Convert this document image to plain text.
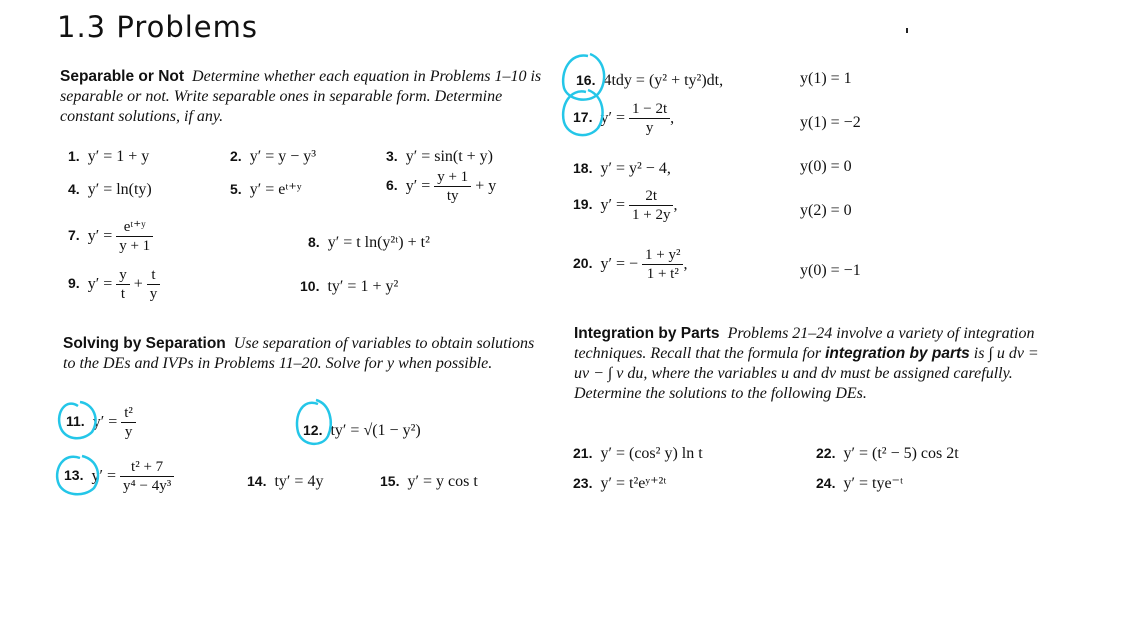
1.3 Problems
Separable or Not Determine whether each equation in Problems 1–10 is separable or not. Write separable ones in separable form. Determine constant solutions, if any.
1. y′ = 1 + y	2. y′ = y − y³	3. y′ = sin(t + y)
4. y′ = ln(ty)	5. y′ = eᵗ⁺ʸ	6. $y' = \frac{y + 1}{ty} + y$
7. $y' = \frac{\text{eᵗ⁺ʸ}}{y + 1}$	8. y′ = t ln(y²ᵗ) + t²
9. $y' = \frac{y}{t} + \frac{t}{y}$	10. ty′ = 1 + y²
Solving by Separation Use separation of variables to obtain solutions to the DEs and IVPs in Problems 11–20. Solve for y when possible.
11. $y' = \frac{\text{t²}}{y}$	12. ty′ = √(1 − y²)
13. $y' = \frac{\text{t² + 7}}{\text{y⁴ − 4y³}}$	14. ty′ = 4y	15. y′ = y cos t
16. 4tdy = (y² + ty²)dt,	y(1) = 1
17. $y' = \frac{1 - 2t}{y}$ ,	y(1) = −2
18. y′ = y² − 4,	y(0) = 0
19. $y' = \frac{2t}{1 + 2y}$ ,	y(2) = 0
20. y′ = − $\frac{\text{1 + y²}}{\text{1 + t²}}$ ,	y(0) = −1
Integration by Parts Problems 21–24 involve a variety of integration techniques. Recall that the formula for integration by parts is ∫ u dv = uv − ∫ v du, where the variables u and dv must be assigned carefully. Determine the solutions to the following DEs.
21. y′ = (cos² y) ln t	22. y′ = (t² − 5) cos 2t
23. y′ = t²eʸ⁺²ᵗ	24. y′ = tye⁻ᵗ
